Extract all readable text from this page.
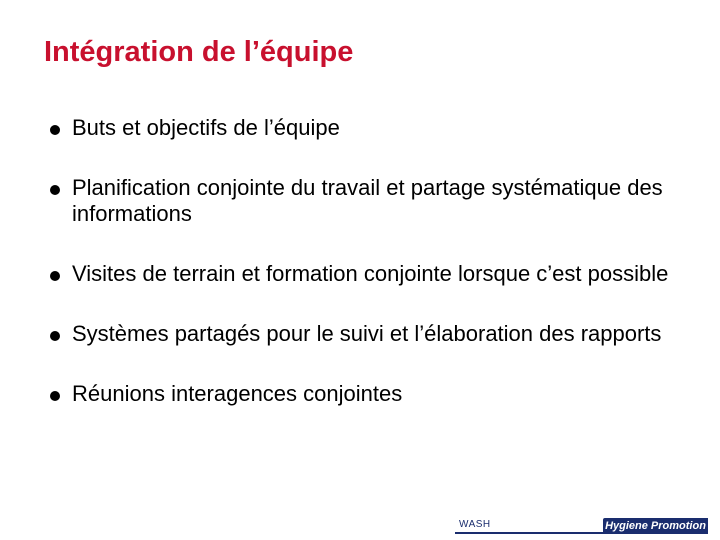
Intégration de l’équipe
Buts et objectifs de l’équipe
Planification conjointe du travail et partage systématique des informations
Visites de terrain et formation conjointe lorsque c’est possible
Systèmes partagés pour le suivi et l’élaboration des rapports
Réunions interagences conjointes
WASH	Hygiene Promotion
